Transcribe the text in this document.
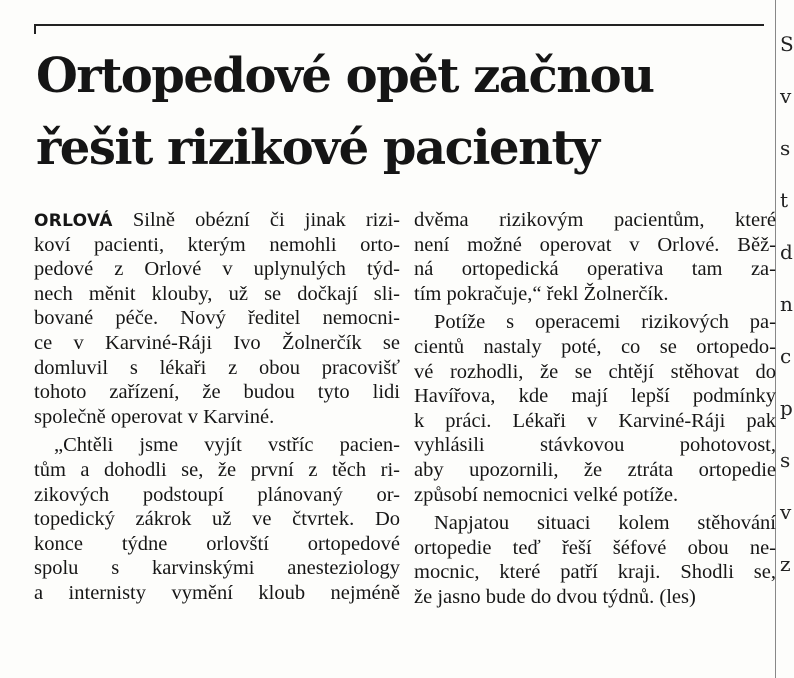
S
v
s
t
d
n
c
p
s
v
z
Ortopedové opět začnou
řešit rizikové pacienty
ORLOVÁ Silně obézní či jinak rizi-
koví pacienti, kterým nemohli orto-
pedové z Orlové v uplynulých týd-
nech měnit klouby, už se dočkají sli-
bované péče. Nový ředitel nemocni-
ce v Karviné-Ráji Ivo Žolnerčík se
domluvil s lékaři z obou pracovišť
tohoto zařízení, že budou tyto lidi
společně operovat v Karviné.
„Chtěli jsme vyjít vstříc pacien-
tům a dohodli se, že první z těch ri-
zikových podstoupí plánovaný or-
topedický zákrok už ve čtvrtek. Do
konce týdne orlovští ortopedové
spolu s karvinskými anesteziology
a internisty vymění kloub nejméně
dvěma rizikovým pacientům, které
není možné operovat v Orlové. Běž-
ná ortopedická operativa tam za-
tím pokračuje,“ řekl Žolnerčík.
Potíže s operacemi rizikových pa-
cientů nastaly poté, co se ortopedo-
vé rozhodli, že se chtějí stěhovat do
Havířova, kde mají lepší podmínky
k práci. Lékaři v Karviné-Ráji pak
vyhlásili stávkovou pohotovost,
aby upozornili, že ztráta ortopedie
způsobí nemocnici velké potíže.
Napjatou situaci kolem stěhování
ortopedie teď řeší šéfové obou ne-
mocnic, které patří kraji. Shodli se,
že jasno bude do dvou týdnů. (les)
